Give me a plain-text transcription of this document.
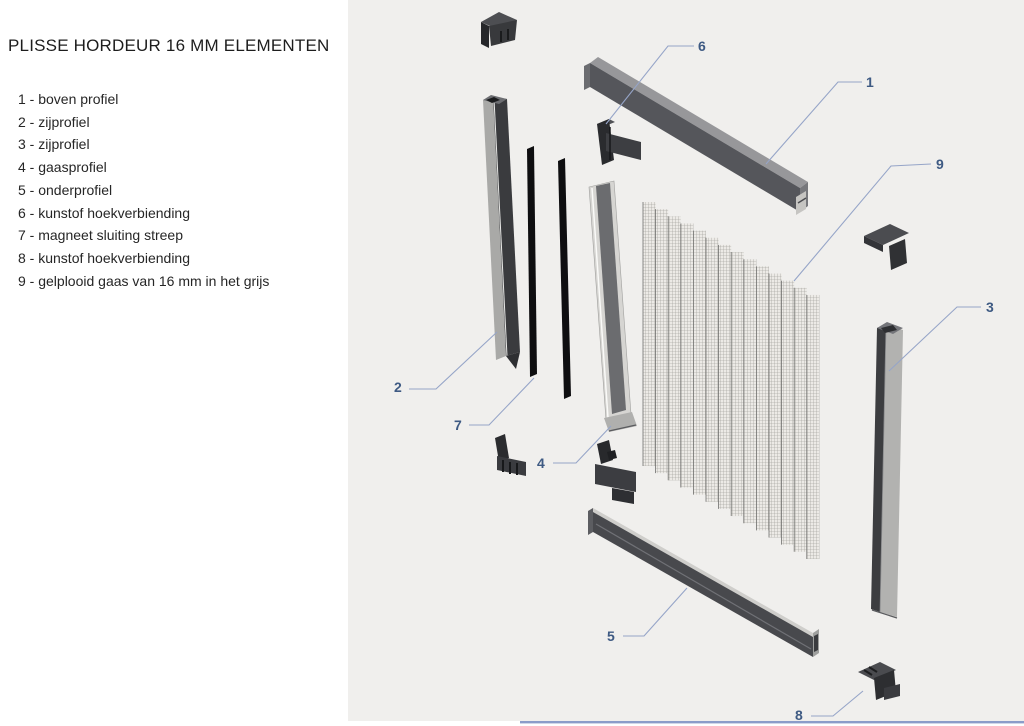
PLISSE HORDEUR 16 MM ELEMENTEN
1 - boven profiel
2 - zijprofiel
3 - zijprofiel
4 - gaasprofiel
5 - onderprofiel
6 - kunstof hoekverbiending
7 - magneet sluiting streep
8 - kunstof hoekverbiending
9 - gelplooid gaas van 16 mm in het grijs
1
2
3
4
5
6
7
8
9
